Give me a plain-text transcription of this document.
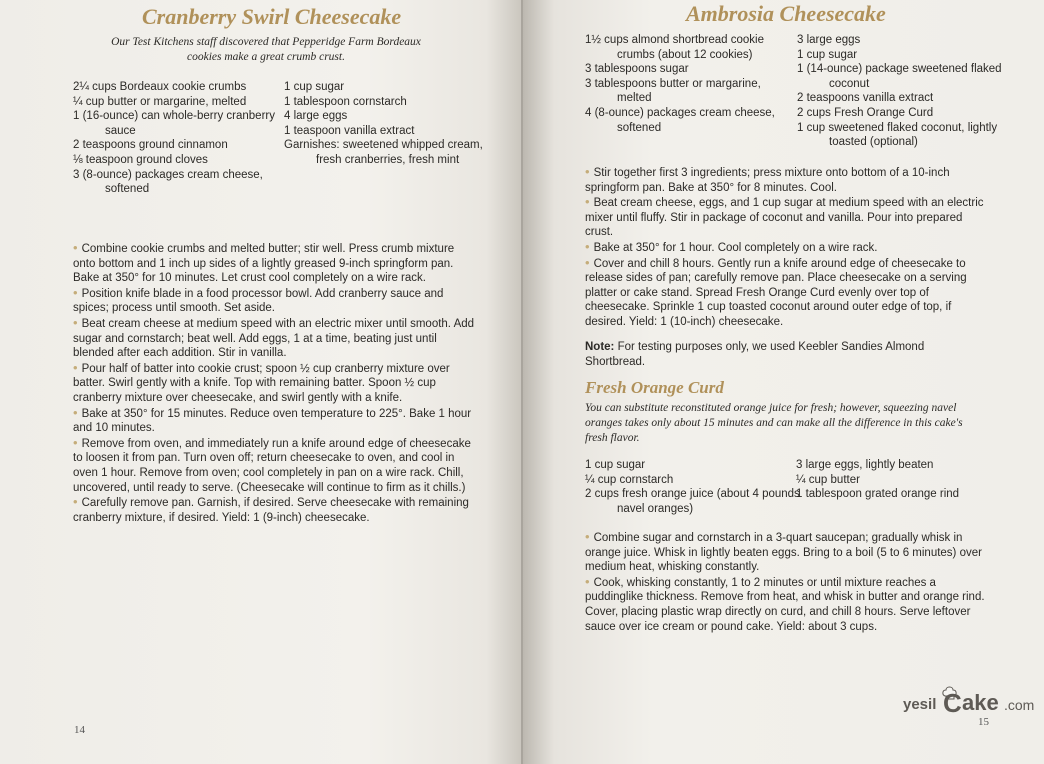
Cranberry Swirl Cheesecake
Our Test Kitchens staff discovered that Pepperidge Farm Bordeaux
cookies make a great crumb crust.
2¼ cups Bordeaux cookie crumbs
¼ cup butter or margarine, melted
1 (16-ounce) can whole-berry cranberry sauce
2 teaspoons ground cinnamon
⅛ teaspoon ground cloves
3 (8-ounce) packages cream cheese, softened
1 cup sugar
1 tablespoon cornstarch
4 large eggs
1 teaspoon vanilla extract
Garnishes: sweetened whipped cream, fresh cranberries, fresh mint
• Combine cookie crumbs and melted butter; stir well. Press crumb mixture onto bottom and 1 inch up sides of a lightly greased 9-inch springform pan. Bake at 350° for 10 minutes. Let crust cool completely on a wire rack.
• Position knife blade in a food processor bowl. Add cranberry sauce and spices; process until smooth. Set aside.
• Beat cream cheese at medium speed with an electric mixer until smooth. Add sugar and cornstarch; beat well. Add eggs, 1 at a time, beating just until blended after each addition. Stir in vanilla.
• Pour half of batter into cookie crust; spoon ½ cup cranberry mixture over batter. Swirl gently with a knife. Top with remaining batter. Spoon ½ cup cranberry mixture over cheesecake, and swirl gently with a knife.
• Bake at 350° for 15 minutes. Reduce oven temperature to 225°. Bake 1 hour and 10 minutes.
• Remove from oven, and immediately run a knife around edge of cheesecake to loosen it from pan. Turn oven off; return cheesecake to oven, and cool in oven 1 hour. Remove from oven; cool completely in pan on a wire rack. Chill, uncovered, until ready to serve. (Cheesecake will continue to firm as it chills.)
• Carefully remove pan. Garnish, if desired. Serve cheesecake with remaining cranberry mixture, if desired. Yield: 1 (9-inch) cheesecake.
14
Ambrosia Cheesecake
1½ cups almond shortbread cookie crumbs (about 12 cookies)
3 tablespoons sugar
3 tablespoons butter or margarine, melted
4 (8-ounce) packages cream cheese, softened
3 large eggs
1 cup sugar
1 (14-ounce) package sweetened flaked coconut
2 teaspoons vanilla extract
2 cups Fresh Orange Curd
1 cup sweetened flaked coconut, lightly toasted (optional)
• Stir together first 3 ingredients; press mixture onto bottom of a 10-inch springform pan. Bake at 350° for 8 minutes. Cool.
• Beat cream cheese, eggs, and 1 cup sugar at medium speed with an electric mixer until fluffy. Stir in package of coconut and vanilla. Pour into prepared crust.
• Bake at 350° for 1 hour. Cool completely on a wire rack.
• Cover and chill 8 hours. Gently run a knife around edge of cheesecake to release sides of pan; carefully remove pan. Place cheesecake on a serving platter or cake stand. Spread Fresh Orange Curd evenly over top of cheesecake. Sprinkle 1 cup toasted coconut around outer edge of top, if desired. Yield: 1 (10-inch) cheesecake.

Note: For testing purposes only, we used Keebler Sandies Almond Shortbread.

Fresh Orange Curd

You can substitute reconstituted orange juice for fresh; however, squeezing navel oranges takes only about 15 minutes and can make all the difference in this cake's fresh flavor.

1 cup sugar
¼ cup cornstarch
2 cups fresh orange juice (about 4 pounds navel oranges)
3 large eggs, lightly beaten
¼ cup butter
1 tablespoon grated orange rind
• Combine sugar and cornstarch in a 3-quart saucepan; gradually whisk in orange juice. Whisk in lightly beaten eggs. Bring to a boil (5 to 6 minutes) over medium heat, whisking constantly.
• Cook, whisking constantly, 1 to 2 minutes or until mixture reaches a puddinglike thickness. Remove from heat, and whisk in butter and orange rind. Cover, placing plastic wrap directly on curd, and chill 8 hours. Serve leftover sauce over ice cream or pound cake. Yield: about 3 cups.
15
yesil C ake .com
